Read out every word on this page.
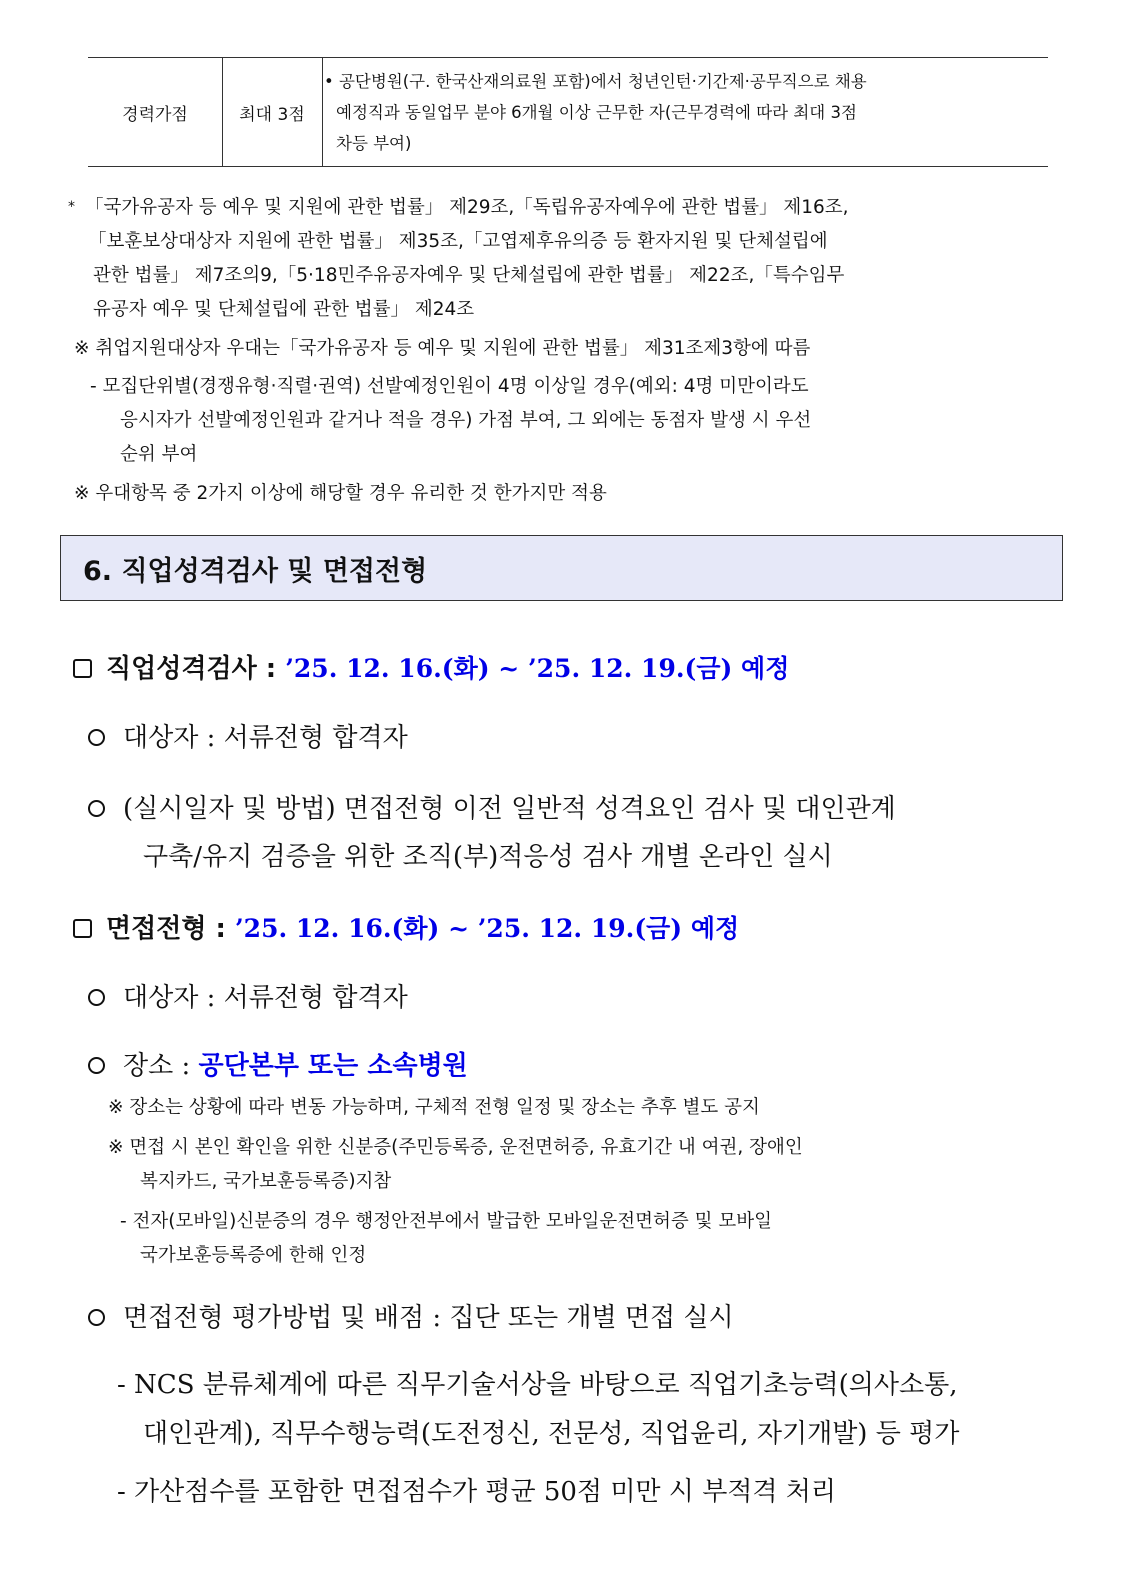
경력가점	최대 3점
• 공단병원(구. 한국산재의료원 포함)에서 청년인턴·기간제·공무직으로 채용
예정직과 동일업무 분야 6개월 이상 근무한 자(근무경력에 따라 최대 3점
차등 부여)
* 「국가유공자 등 예우 및 지원에 관한 법률」 제29조,「독립유공자예우에 관한 법률」 제16조,
「보훈보상대상자 지원에 관한 법률」 제35조,「고엽제후유의증 등 환자지원 및 단체설립에
관한 법률」 제7조의9,「5·18민주유공자예우 및 단체설립에 관한 법률」 제22조,「특수임무
유공자 예우 및 단체설립에 관한 법률」 제24조
※ 취업지원대상자 우대는「국가유공자 등 예우 및 지원에 관한 법률」 제31조제3항에 따름
- 모집단위별(경쟁유형·직렬·권역) 선발예정인원이 4명 이상일 경우(예외: 4명 미만이라도
응시자가 선발예정인원과 같거나 적을 경우) 가점 부여, 그 외에는 동점자 발생 시 우선
순위 부여
※ 우대항목 중 2가지 이상에 해당할 경우 유리한 것 한가지만 적용
6. 직업성격검사 및 면접전형
직업성격검사 : ’25. 12. 16.(화) ~ ’25. 12. 19.(금) 예정
대상자 : 서류전형 합격자
(실시일자 및 방법) 면접전형 이전 일반적 성격요인 검사 및 대인관계
구축/유지 검증을 위한 조직(부)적응성 검사 개별 온라인 실시
면접전형 : ’25. 12. 16.(화) ~ ’25. 12. 19.(금) 예정
대상자 : 서류전형 합격자
장소 : 공단본부 또는 소속병원
※ 장소는 상황에 따라 변동 가능하며, 구체적 전형 일정 및 장소는 추후 별도 공지
※ 면접 시 본인 확인을 위한 신분증(주민등록증, 운전면허증, 유효기간 내 여권, 장애인
복지카드, 국가보훈등록증)지참
- 전자(모바일)신분증의 경우 행정안전부에서 발급한 모바일운전면허증 및 모바일
국가보훈등록증에 한해 인정
면접전형 평가방법 및 배점 : 집단 또는 개별 면접 실시
- NCS 분류체계에 따른 직무기술서상을 바탕으로 직업기초능력(의사소통,
대인관계), 직무수행능력(도전정신, 전문성, 직업윤리, 자기개발) 등 평가
- 가산점수를 포함한 면접점수가 평균 50점 미만 시 부적격 처리
